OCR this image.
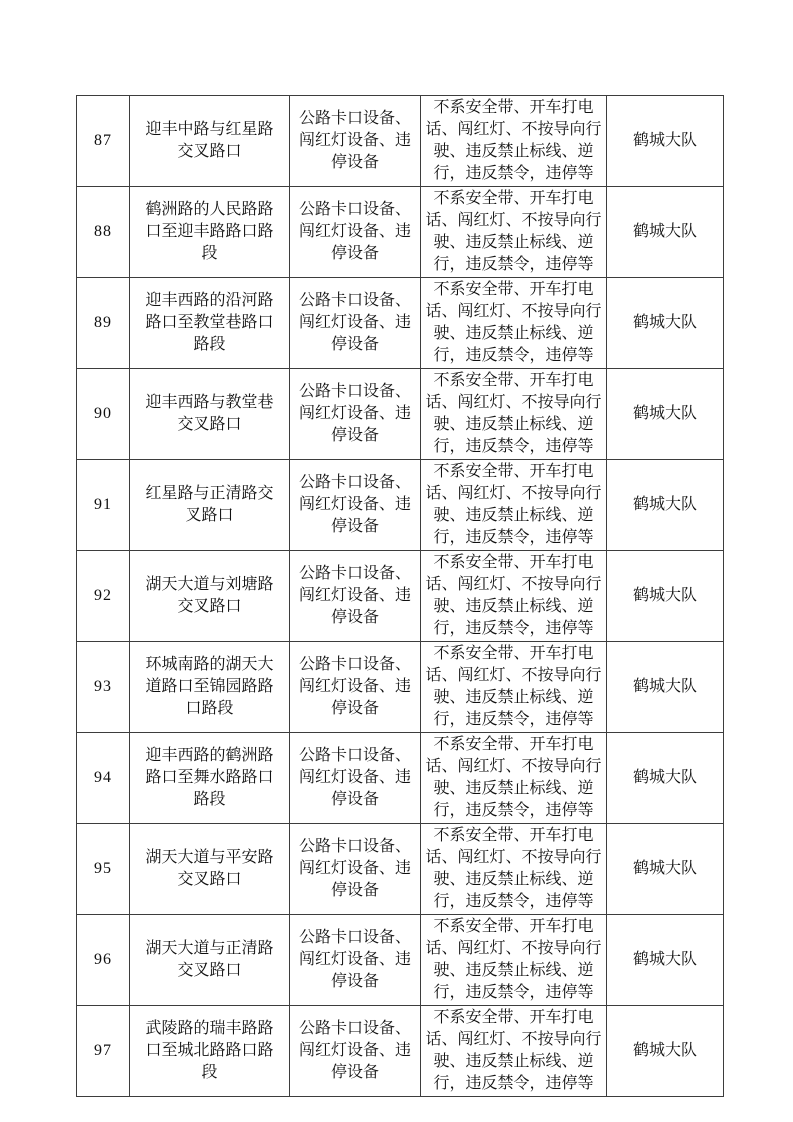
87	迎丰中路与红星路交叉路口	公路卡口设备、闯红灯设备、违停设备	不系安全带、开车打电话、闯红灯、不按导向行驶、违反禁止标线、逆行，违反禁令，违停等	鹤城大队
88	鹤洲路的人民路路口至迎丰路路口路段	公路卡口设备、闯红灯设备、违停设备	不系安全带、开车打电话、闯红灯、不按导向行驶、违反禁止标线、逆行，违反禁令，违停等	鹤城大队
89	迎丰西路的沿河路路口至教堂巷路口路段	公路卡口设备、闯红灯设备、违停设备	不系安全带、开车打电话、闯红灯、不按导向行驶、违反禁止标线、逆行，违反禁令，违停等	鹤城大队
90	迎丰西路与教堂巷交叉路口	公路卡口设备、闯红灯设备、违停设备	不系安全带、开车打电话、闯红灯、不按导向行驶、违反禁止标线、逆行，违反禁令，违停等	鹤城大队
91	红星路与正清路交叉路口	公路卡口设备、闯红灯设备、违停设备	不系安全带、开车打电话、闯红灯、不按导向行驶、违反禁止标线、逆行，违反禁令，违停等	鹤城大队
92	湖天大道与刘塘路交叉路口	公路卡口设备、闯红灯设备、违停设备	不系安全带、开车打电话、闯红灯、不按导向行驶、违反禁止标线、逆行，违反禁令，违停等	鹤城大队
93	环城南路的湖天大道路口至锦园路路口路段	公路卡口设备、闯红灯设备、违停设备	不系安全带、开车打电话、闯红灯、不按导向行驶、违反禁止标线、逆行，违反禁令，违停等	鹤城大队
94	迎丰西路的鹤洲路路口至舞水路路口路段	公路卡口设备、闯红灯设备、违停设备	不系安全带、开车打电话、闯红灯、不按导向行驶、违反禁止标线、逆行，违反禁令，违停等	鹤城大队
95	湖天大道与平安路交叉路口	公路卡口设备、闯红灯设备、违停设备	不系安全带、开车打电话、闯红灯、不按导向行驶、违反禁止标线、逆行，违反禁令，违停等	鹤城大队
96	湖天大道与正清路交叉路口	公路卡口设备、闯红灯设备、违停设备	不系安全带、开车打电话、闯红灯、不按导向行驶、违反禁止标线、逆行，违反禁令，违停等	鹤城大队
97	武陵路的瑞丰路路口至城北路路口路段	公路卡口设备、闯红灯设备、违停设备	不系安全带、开车打电话、闯红灯、不按导向行驶、违反禁止标线、逆行，违反禁令，违停等	鹤城大队
